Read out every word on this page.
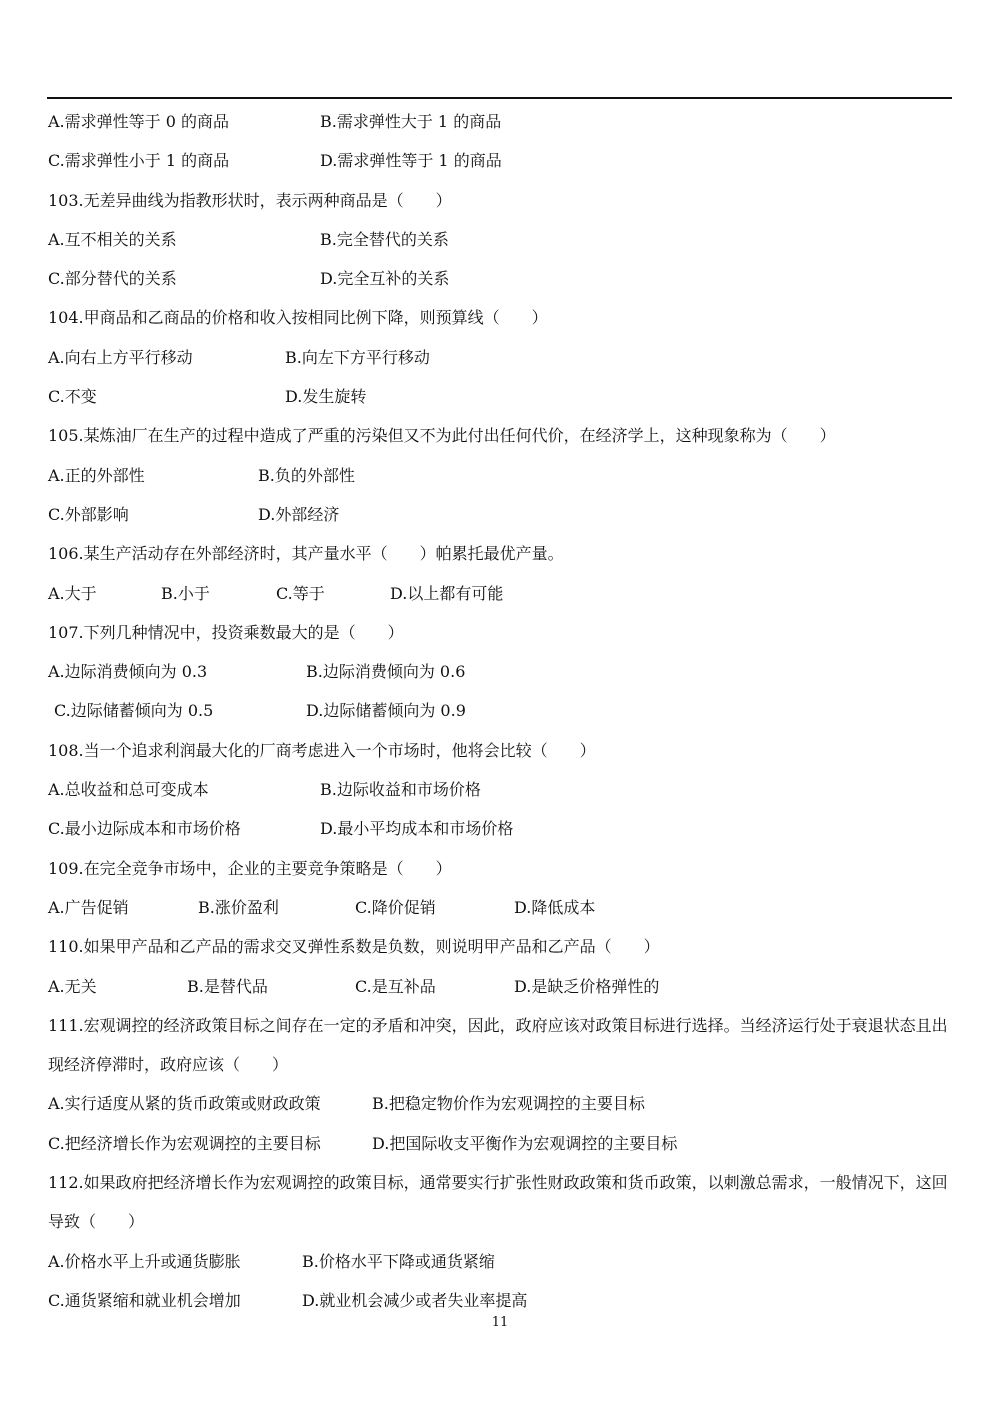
A.需求弹性等于 0 的商品	B.需求弹性大于 1 的商品
C.需求弹性小于 1 的商品	D.需求弹性等于 1 的商品
103.无差异曲线为指教形状时，表示两种商品是（　　）
A.互不相关的关系	B.完全替代的关系
C.部分替代的关系	D.完全互补的关系
104.甲商品和乙商品的价格和收入按相同比例下降，则预算线（　　）
A.向右上方平行移动	B.向左下方平行移动
C.不变	D.发生旋转
105.某炼油厂在生产的过程中造成了严重的污染但又不为此付出任何代价，在经济学上，这种现象称为（　　）
A.正的外部性	B.负的外部性
C.外部影响	D.外部经济
106.某生产活动存在外部经济时，其产量水平（　　）帕累托最优产量。
A.大于	B.小于	C.等于	D.以上都有可能
107.下列几种情况中，投资乘数最大的是（　　）
A.边际消费倾向为 0.3	B.边际消费倾向为 0.6
C.边际储蓄倾向为 0.5	D.边际储蓄倾向为 0.9
108.当一个追求利润最大化的厂商考虑进入一个市场时，他将会比较（　　）
A.总收益和总可变成本	B.边际收益和市场价格
C.最小边际成本和市场价格	D.最小平均成本和市场价格
109.在完全竞争市场中，企业的主要竞争策略是（　　）
A.广告促销	B.涨价盈利	C.降价促销	D.降低成本
110.如果甲产品和乙产品的需求交叉弹性系数是负数，则说明甲产品和乙产品（　　）
A.无关	B.是替代品	C.是互补品	D.是缺乏价格弹性的
111.宏观调控的经济政策目标之间存在一定的矛盾和冲突，因此，政府应该对政策目标进行选择。当经济运行处于衰退状态且出现经济停滞时，政府应该（　　）
A.实行适度从紧的货币政策或财政政策	B.把稳定物价作为宏观调控的主要目标
C.把经济增长作为宏观调控的主要目标	D.把国际收支平衡作为宏观调控的主要目标
112.如果政府把经济增长作为宏观调控的政策目标，通常要实行扩张性财政政策和货币政策，以刺激总需求，一般情况下，这回导致（　　）
A.价格水平上升或通货膨胀	B.价格水平下降或通货紧缩
C.通货紧缩和就业机会增加	D.就业机会减少或者失业率提高
11
